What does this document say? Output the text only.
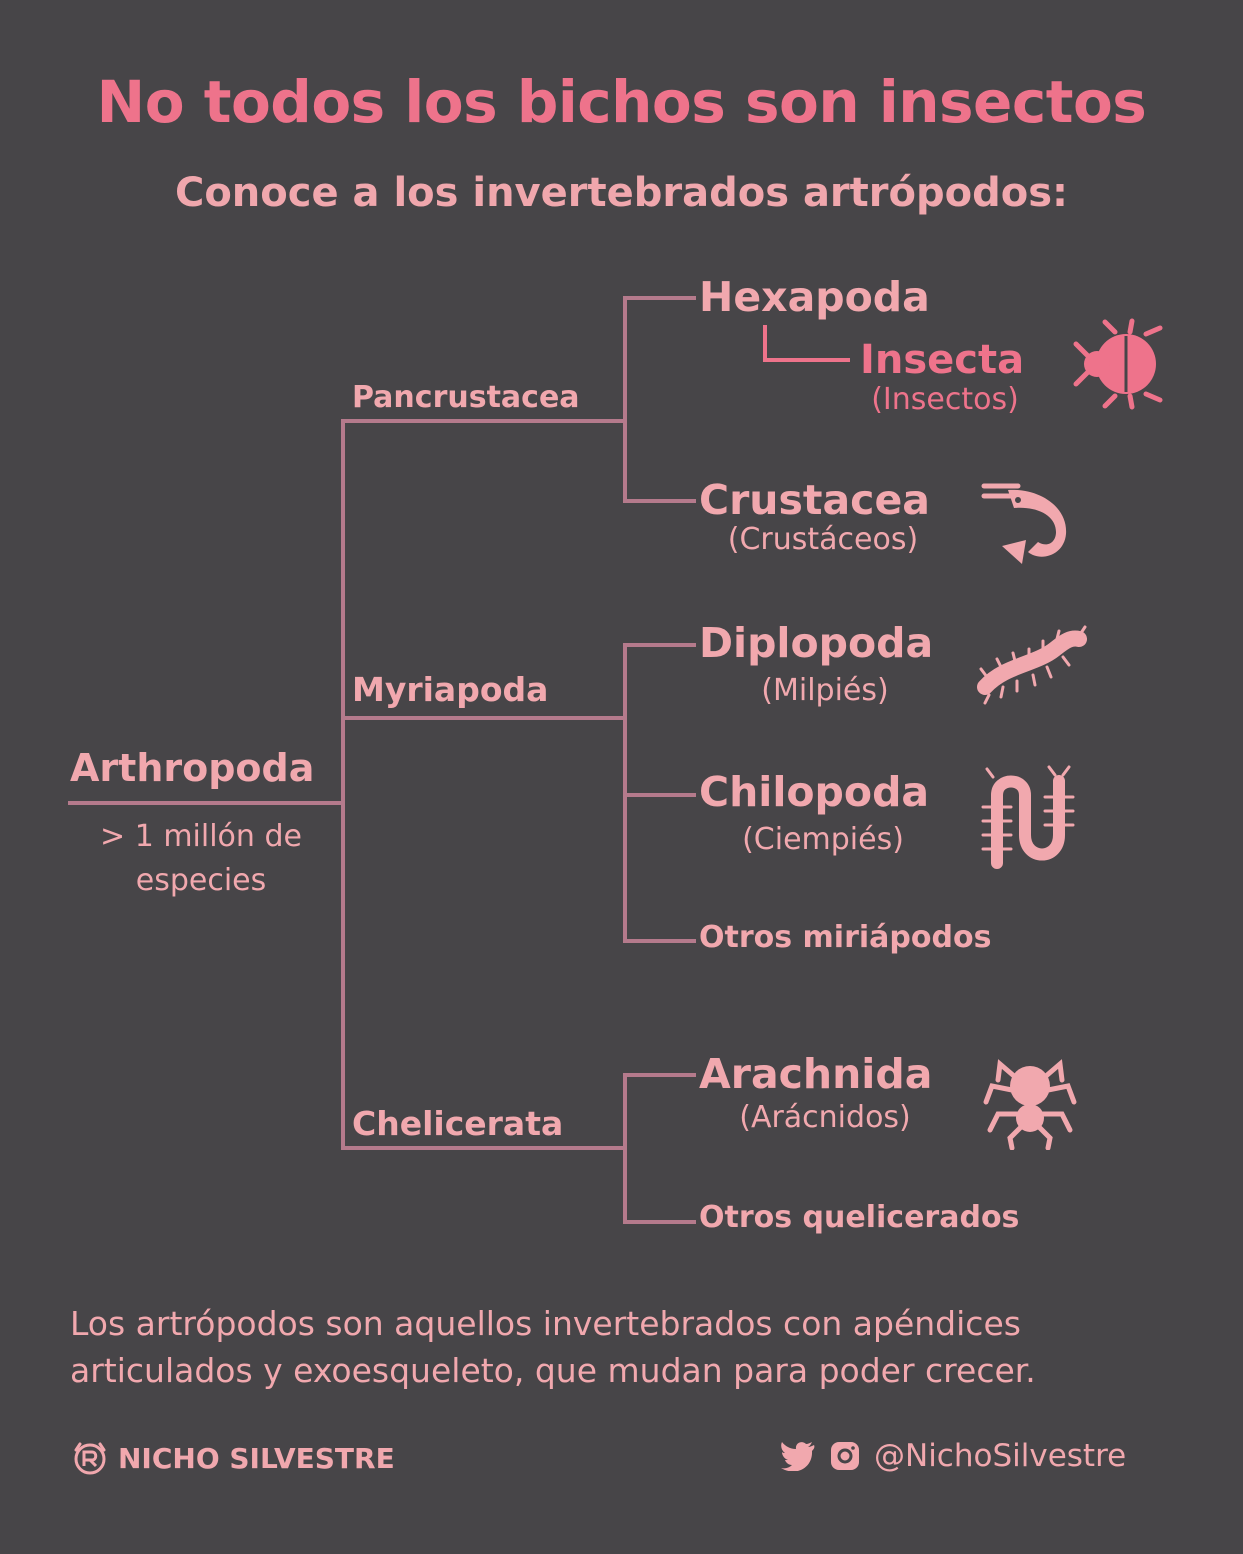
No todos los bichos son insectos
Conoce a los invertebrados artrópodos:
Arthropoda
> 1 millón de especies
Pancrustacea
Myriapoda
Chelicerata
Hexapoda
Insecta
(Insectos)
Crustacea
(Crustáceos)
Diplopoda
(Milpiés)
Chilopoda
(Ciempiés)
Otros miriápodos
Arachnida
(Arácnidos)
Otros quelicerados

Los artrópodos son aquellos invertebrados con apéndices articulados y exoesqueleto, que mudan para poder crecer.

NICHO SILVESTRE	@NichoSilvestre
